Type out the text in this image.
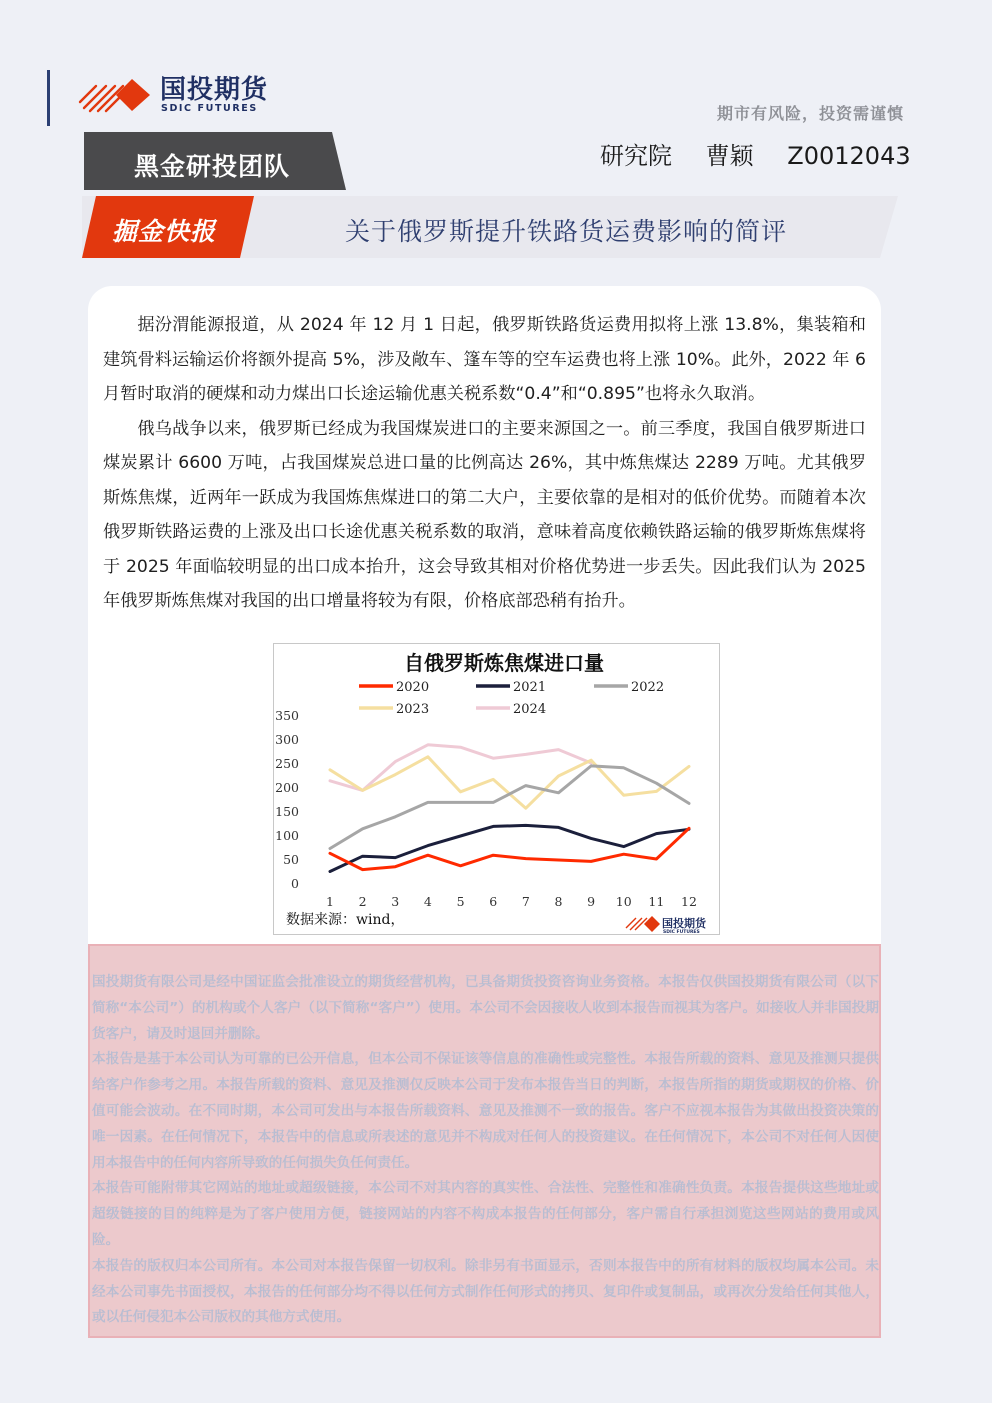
国投期货
SDIC FUTURES	期市有风险，投资需谨慎
黑金研投团队	研究院 曹颖 Z0012043
掘金快报	关于俄罗斯提升铁路货运费影响的简评

据汾渭能源报道，从 2024 年 12 月 1 日起，俄罗斯铁路货运费用拟将上涨 13.8%，集装箱和建筑骨料运输运价将额外提高 5%，涉及敞车、篷车等的空车运费也将上涨 10%。此外，2022 年 6 月暂时取消的硬煤和动力煤出口长途运输优惠关税系数“0.4”和“0.895”也将永久取消。

俄乌战争以来，俄罗斯已经成为我国煤炭进口的主要来源国之一。前三季度，我国自俄罗斯进口煤炭累计 6600 万吨，占我国煤炭总进口量的比例高达 26%，其中炼焦煤达 2289 万吨。尤其俄罗斯炼焦煤，近两年一跃成为我国炼焦煤进口的第二大户，主要依靠的是相对的低价优势。而随着本次俄罗斯铁路运费的上涨及出口长途优惠关税系数的取消，意味着高度依赖铁路运输的俄罗斯炼焦煤将于 2025 年面临较明显的出口成本抬升，这会导致其相对价格优势进一步丢失。因此我们认为 2025 年俄罗斯炼焦煤对我国的出口增量将较为有限，价格底部恐稍有抬升。

自俄罗斯炼焦煤进口量
2020	2021	2022
2023	2024
0
50
100
150
200
250
300
350
1 2 3 4 5 6 7 8 9 10 11 12
数据来源：wind，	国投期货
SDIC FUTURES

国投期货有限公司是经中国证监会批准设立的期货经营机构，已具备期货投资咨询业务资格。本报告仅供国投期货有限公司（以下简称“本公司”）的机构或个人客户（以下简称“客户”）使用。本公司不会因接收人收到本报告而视其为客户。如接收人并非国投期货客户，请及时退回并删除。

本报告是基于本公司认为可靠的已公开信息，但本公司不保证该等信息的准确性或完整性。本报告所载的资料、意见及推测只提供给客户作参考之用。本报告所载的资料、意见及推测仅反映本公司于发布本报告当日的判断，本报告所指的期货或期权的价格、价值可能会波动。在不同时期，本公司可发出与本报告所载资料、意见及推测不一致的报告。客户不应视本报告为其做出投资决策的唯一因素。在任何情况下，本报告中的信息或所表述的意见并不构成对任何人的投资建议。在任何情况下，本公司不对任何人因使用本报告中的任何内容所导致的任何损失负任何责任。

本报告可能附带其它网站的地址或超级链接，本公司不对其内容的真实性、合法性、完整性和准确性负责。本报告提供这些地址或超级链接的目的纯粹是为了客户使用方便，链接网站的内容不构成本报告的任何部分，客户需自行承担浏览这些网站的费用或风险。

本报告的版权归本公司所有。本公司对本报告保留一切权利。除非另有书面显示，否则本报告中的所有材料的版权均属本公司。未经本公司事先书面授权，本报告的任何部分均不得以任何方式制作任何形式的拷贝、复印件或复制品，或再次分发给任何其他人，或以任何侵犯本公司版权的其他方式使用。
